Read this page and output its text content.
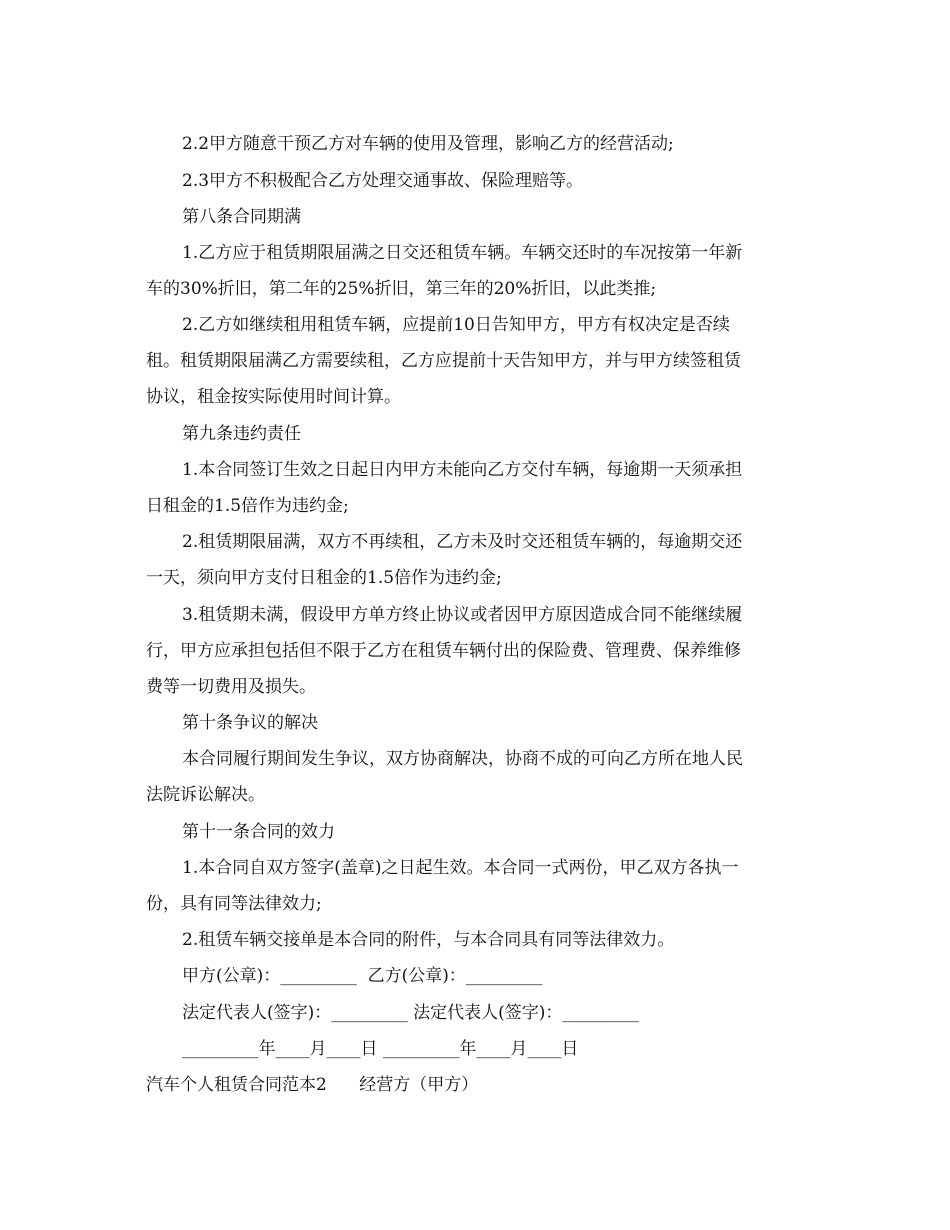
2.2甲方随意干预乙方对车辆的使用及管理，影响乙方的经营活动;
2.3甲方不积极配合乙方处理交通事故、保险理赔等。
第八条合同期满
1.乙方应于租赁期限届满之日交还租赁车辆。车辆交还时的车况按第一年新
车的30%折旧，第二年的25%折旧，第三年的20%折旧，以此类推;
2.乙方如继续租用租赁车辆，应提前10日告知甲方，甲方有权决定是否续
租。租赁期限届满乙方需要续租，乙方应提前十天告知甲方，并与甲方续签租赁
协议，租金按实际使用时间计算。
第九条违约责任
1.本合同签订生效之日起日内甲方未能向乙方交付车辆，每逾期一天须承担
日租金的1.5倍作为违约金;
2.租赁期限届满，双方不再续租，乙方未及时交还租赁车辆的，每逾期交还
一天，须向甲方支付日租金的1.5倍作为违约金;
3.租赁期未满，假设甲方单方终止协议或者因甲方原因造成合同不能继续履
行，甲方应承担包括但不限于乙方在租赁车辆付出的保险费、管理费、保养维修
费等一切费用及损失。
第十条争议的解决
本合同履行期间发生争议，双方协商解决，协商不成的可向乙方所在地人民
法院诉讼解决。
第十一条合同的效力
1.本合同自双方签字(盖章)之日起生效。本合同一式两份，甲乙双方各执一
份，具有同等法律效力;
2.租赁车辆交接单是本合同的附件，与本合同具有同等法律效力。
甲方(公章)：_________  乙方(公章)：_________
法定代表人(签字)：_________ 法定代表人(签字)：_________
_________年____月____日 _________年____月____日
汽车个人租赁合同范本2      经营方（甲方）
